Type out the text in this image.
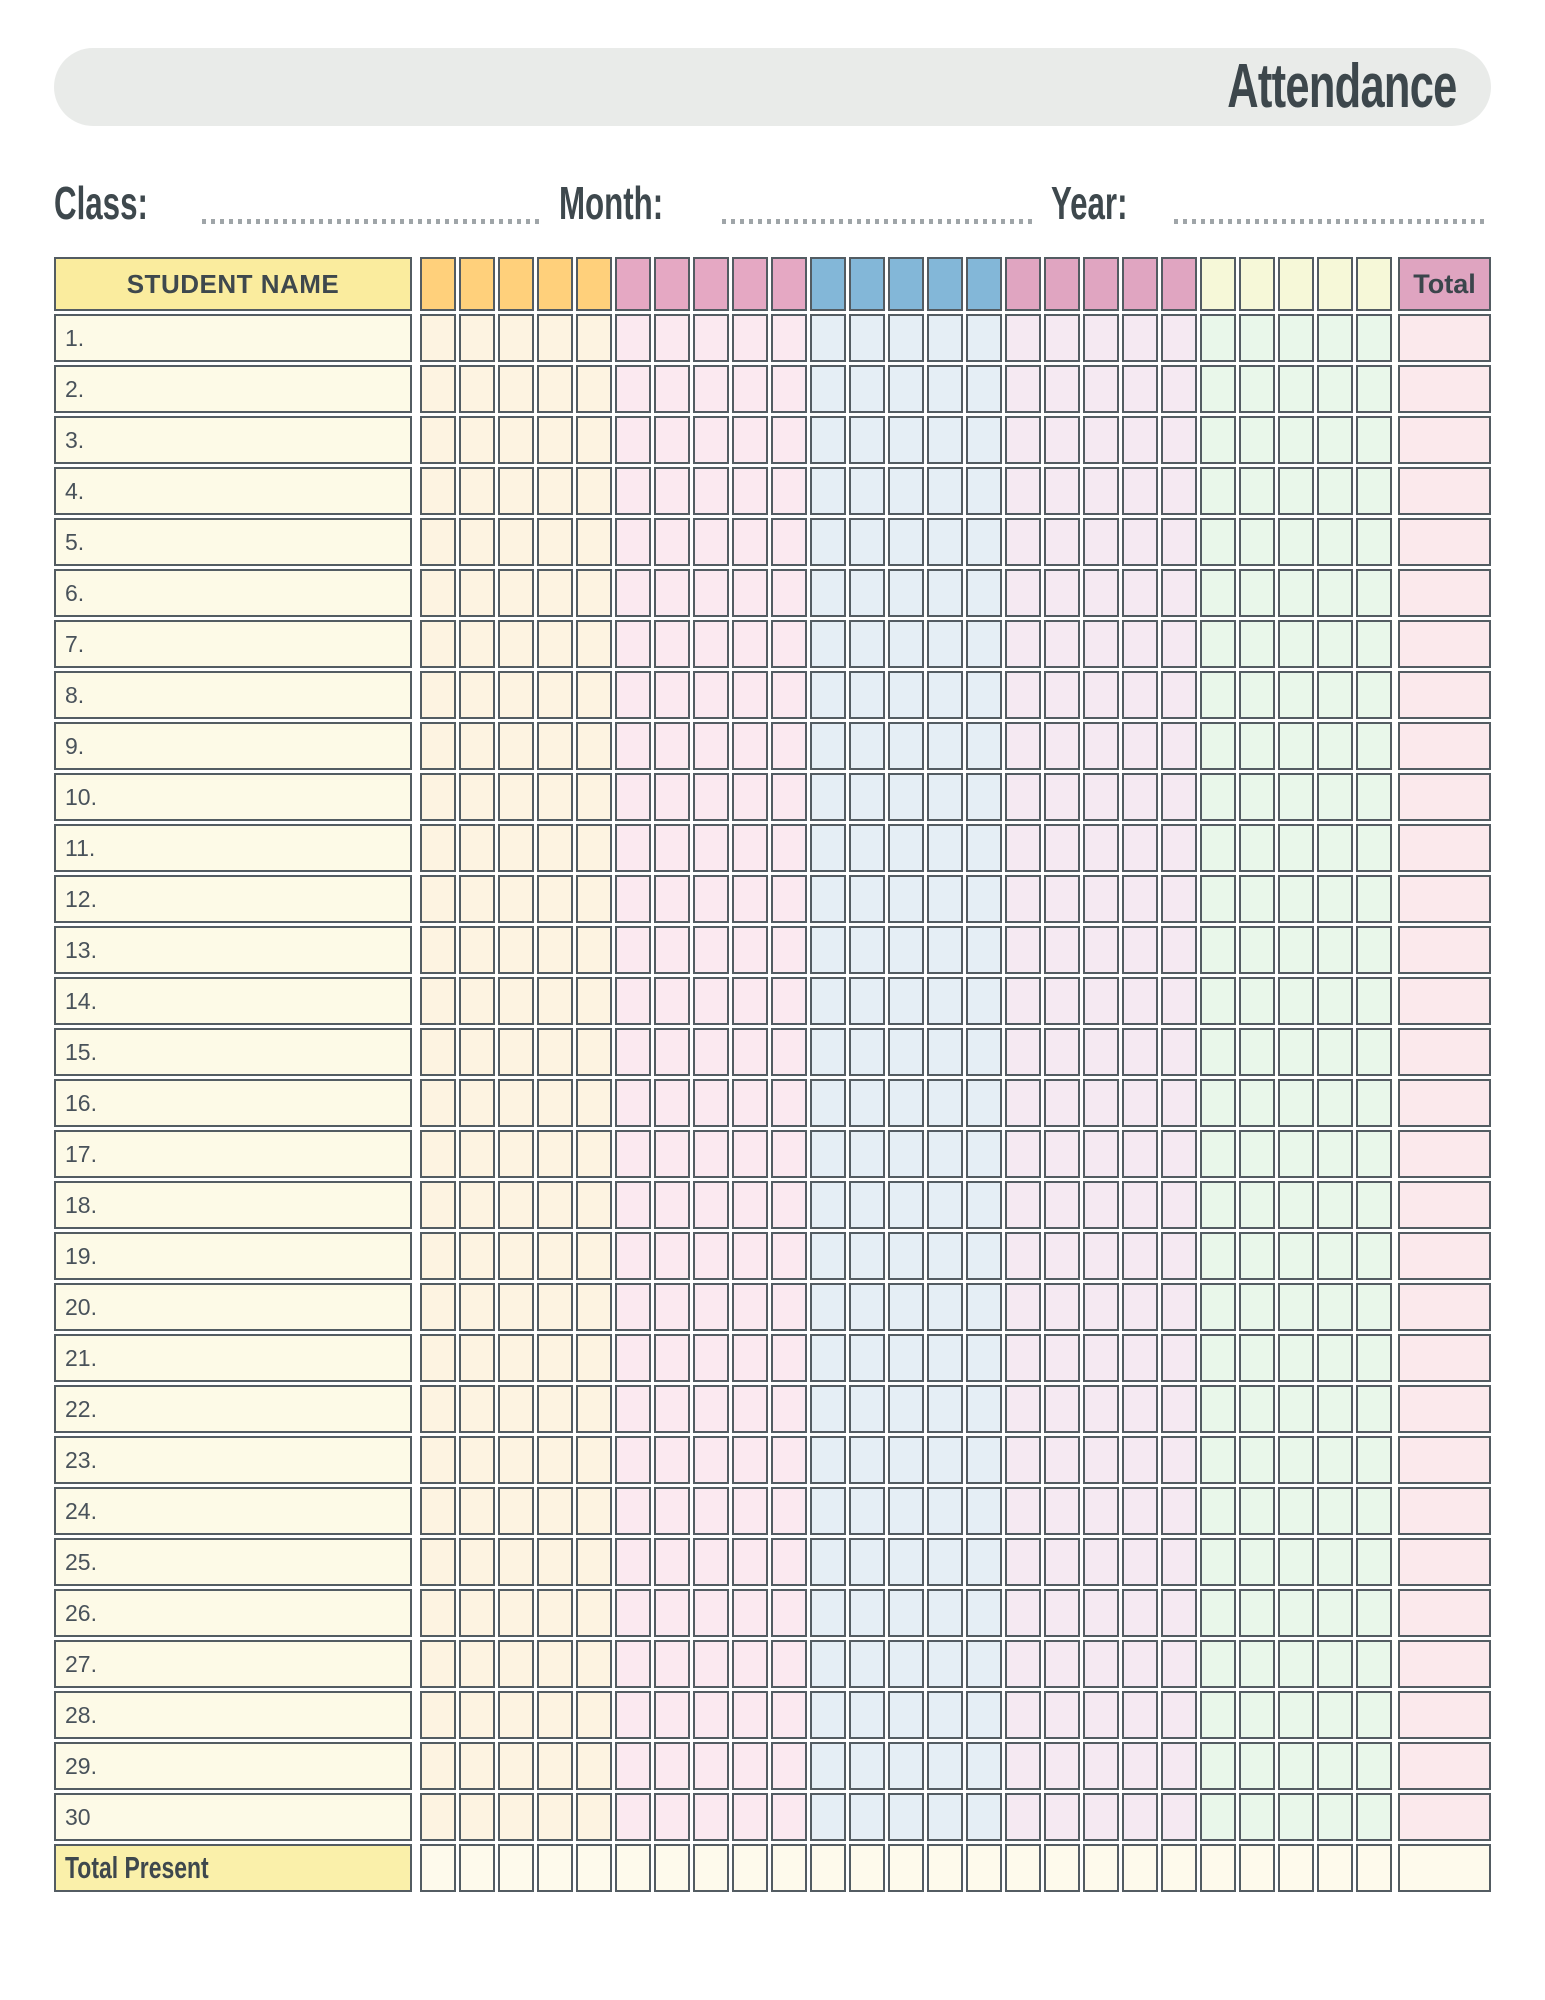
Attendance
Class:	Month:	Year:
STUDENT NAME	Total
1.
2.
3.
4.
5.
6.
7.
8.
9.
10.
11.
12.
13.
14.
15.
16.
17.
18.
19.
20.
21.
22.
23.
24.
25.
26.
27.
28.
29.
30
Total Present
